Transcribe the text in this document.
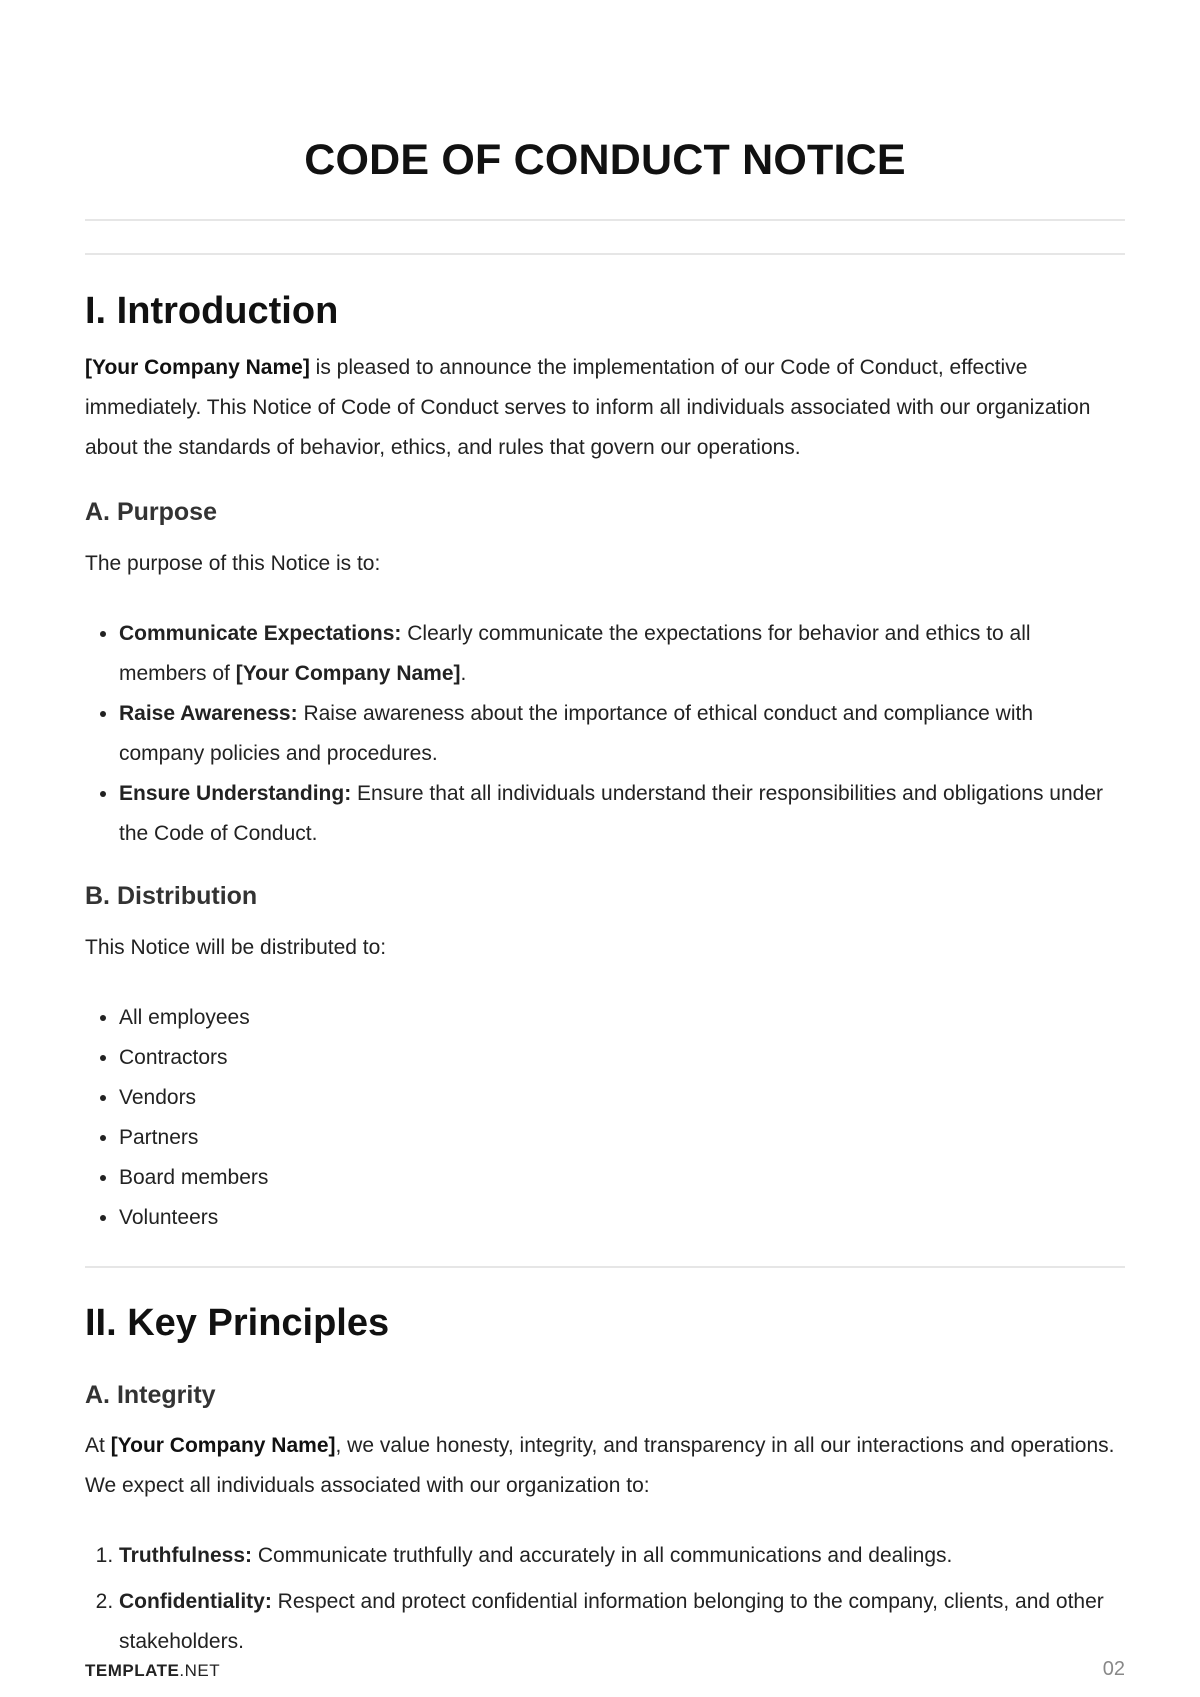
CODE OF CONDUCT NOTICE
I. Introduction

[Your Company Name] is pleased to announce the implementation of our Code of Conduct, effective immediately. This Notice of Code of Conduct serves to inform all individuals associated with our organization about the standards of behavior, ethics, and rules that govern our operations.

A. Purpose

The purpose of this Notice is to:

• Communicate Expectations: Clearly communicate the expectations for behavior and ethics to all members of [Your Company Name].
• Raise Awareness: Raise awareness about the importance of ethical conduct and compliance with company policies and procedures.
• Ensure Understanding: Ensure that all individuals understand their responsibilities and obligations under the Code of Conduct.
B. Distribution

This Notice will be distributed to:

• All employees
• Contractors
• Vendors
• Partners
• Board members
• Volunteers
II. Key Principles
A. Integrity

At [Your Company Name], we value honesty, integrity, and transparency in all our interactions and operations. We expect all individuals associated with our organization to:

1. Truthfulness: Communicate truthfully and accurately in all communications and dealings.
2. Confidentiality: Respect and protect confidential information belonging to the company, clients, and other stakeholders.
TEMPLATE.NET	02
